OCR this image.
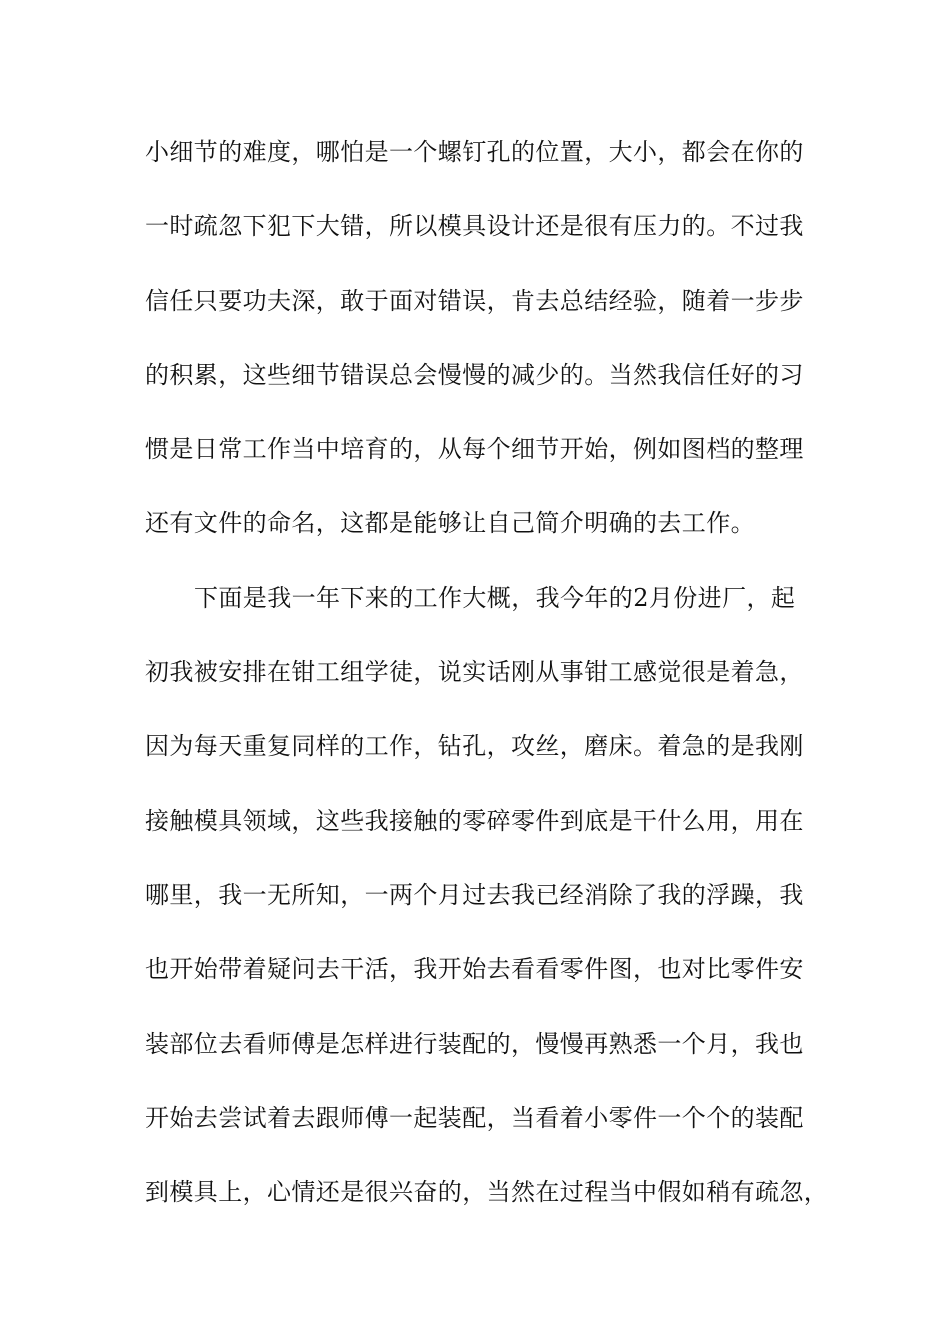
小细节的难度，哪怕是一个螺钉孔的位置，大小，都会在你的
一时疏忽下犯下大错，所以模具设计还是很有压力的。不过我
信任只要功夫深，敢于面对错误，肯去总结经验，随着一步步
的积累，这些细节错误总会慢慢的减少的。当然我信任好的习
惯是日常工作当中培育的，从每个细节开始，例如图档的整理
还有文件的命名，这都是能够让自己简介明确的去工作。
下面是我一年下来的工作大概，我今年的2月份进厂，起
初我被安排在钳工组学徒，说实话刚从事钳工感觉很是着急，
因为每天重复同样的工作，钻孔，攻丝，磨床。着急的是我刚
接触模具领域，这些我接触的零碎零件到底是干什么用，用在
哪里，我一无所知，一两个月过去我已经消除了我的浮躁，我
也开始带着疑问去干活，我开始去看看零件图，也对比零件安
装部位去看师傅是怎样进行装配的，慢慢再熟悉一个月，我也
开始去尝试着去跟师傅一起装配，当看着小零件一个个的装配
到模具上，心情还是很兴奋的，当然在过程当中假如稍有疏忽，
